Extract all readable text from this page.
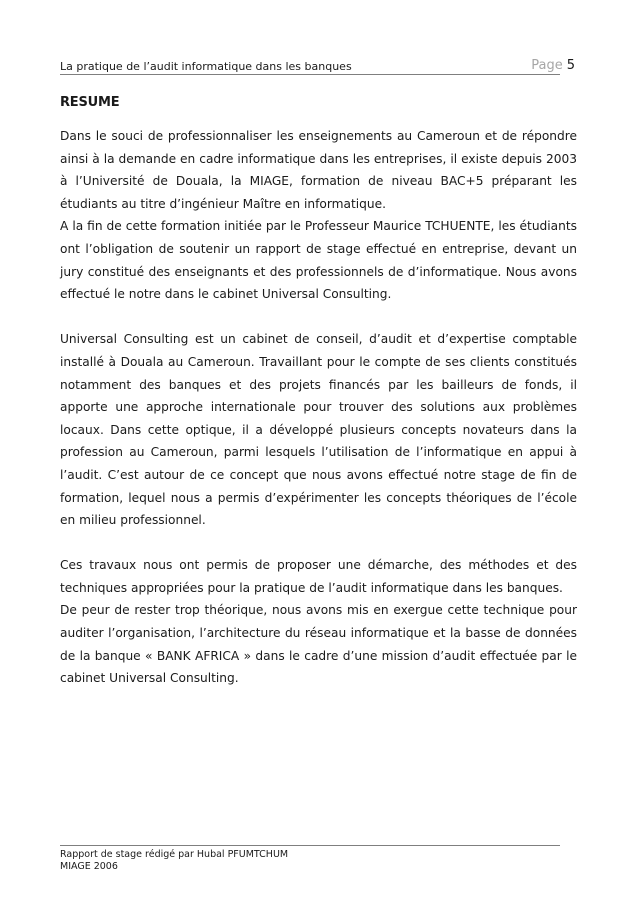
La pratique de l’audit informatique dans les banques	Page 5
RESUME

Dans le souci de professionnaliser les enseignements au Cameroun et de répondre ainsi à la demande en cadre informatique dans les entreprises, il existe depuis 2003 à l’Université de Douala, la MIAGE, formation de niveau BAC+5 préparant les étudiants au titre d’ingénieur Maître en informatique.

A la fin de cette formation initiée par le Professeur Maurice TCHUENTE, les étudiants ont l’obligation de soutenir un rapport de stage effectué en entreprise, devant un jury constitué des enseignants et des professionnels de d’informatique. Nous avons effectué le notre dans le cabinet Universal Consulting.

Universal Consulting est un cabinet de conseil, d’audit et d’expertise comptable installé à Douala au Cameroun. Travaillant pour le compte de ses clients constitués notamment des banques et des projets financés par les bailleurs de fonds, il apporte une approche internationale pour trouver des solutions aux problèmes locaux. Dans cette optique, il a développé plusieurs concepts novateurs dans la profession au Cameroun, parmi lesquels l’utilisation de l’informatique en appui à l’audit. C’est autour de ce concept que nous avons effectué notre stage de fin de formation, lequel nous a permis d’expérimenter les concepts théoriques de l’école en milieu professionnel.

Ces travaux nous ont permis de proposer une démarche, des méthodes et des techniques appropriées pour la pratique de l’audit informatique dans les banques.

De peur de rester trop théorique, nous avons mis en exergue cette technique pour auditer l’organisation, l’architecture du réseau informatique et la basse de données de la banque « BANK AFRICA » dans le cadre d’une mission d’audit effectuée par le cabinet Universal Consulting.

Rapport de stage rédigé par Hubal PFUMTCHUM
MIAGE 2006
